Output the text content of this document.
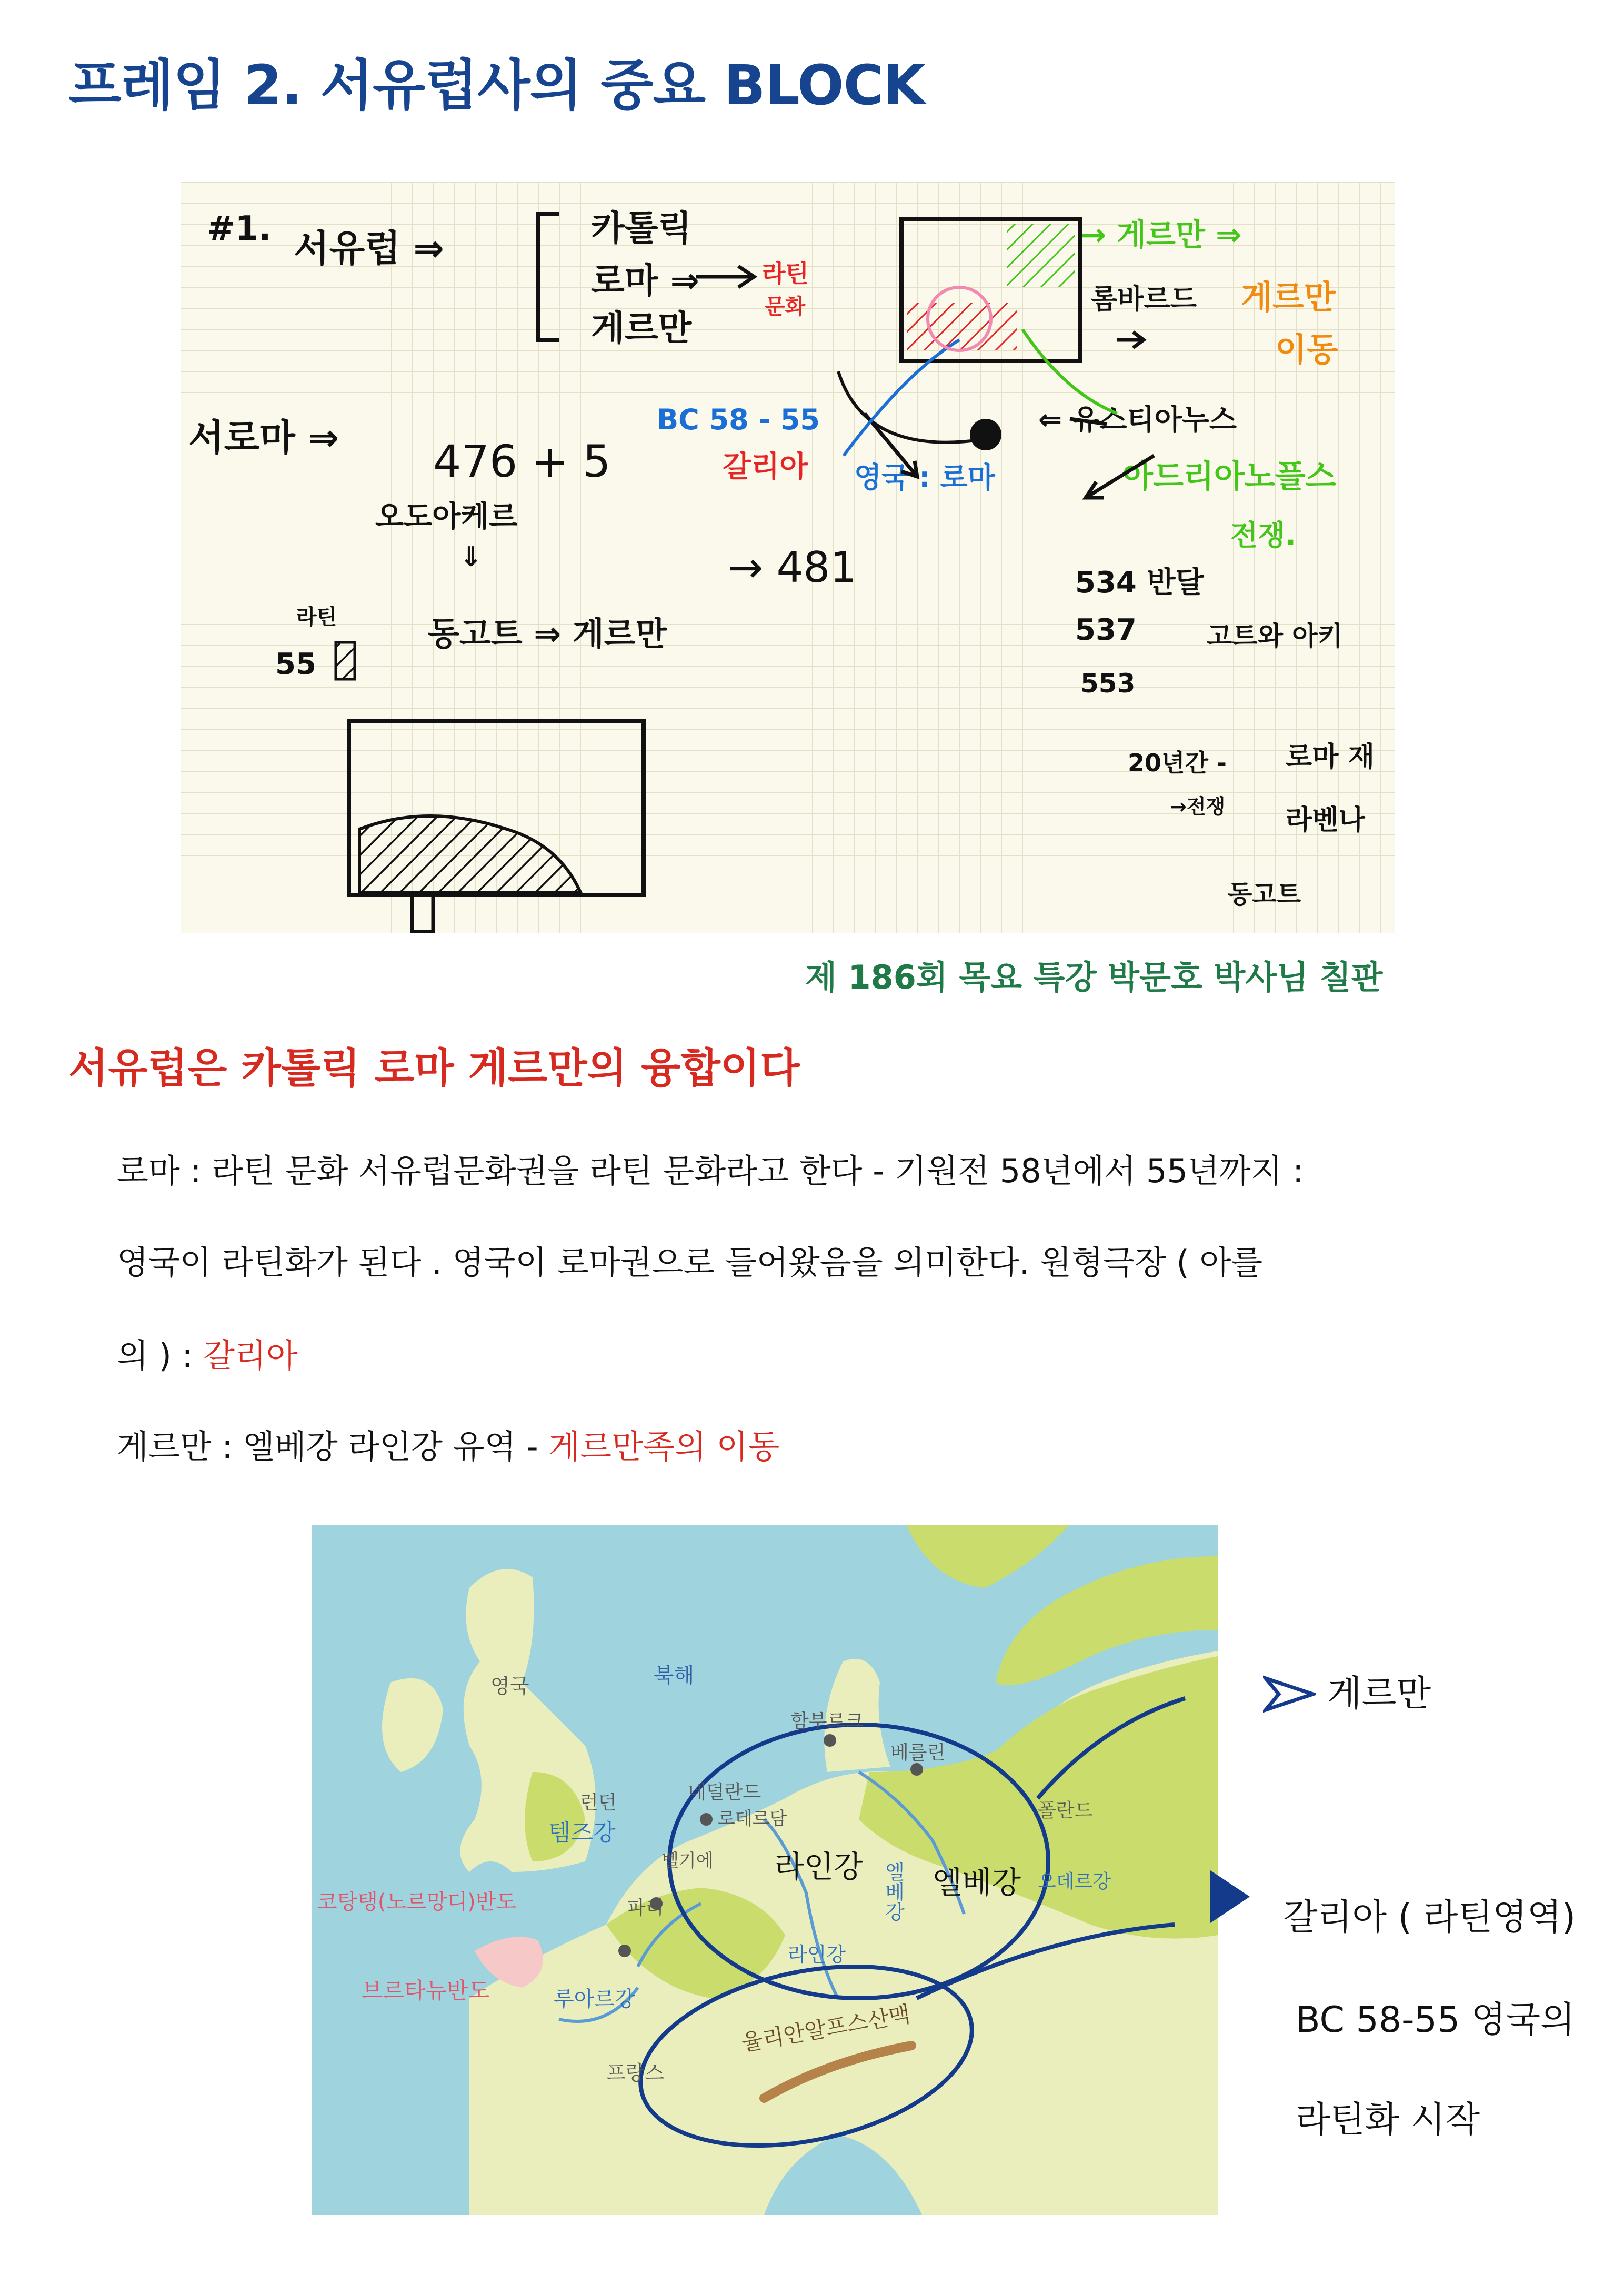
프레임 2. 서유럽사의 중요 BLOCK
#1. 서유럽 ⇒	카톨릭
로마 ⇒	라틴
문화
게르만
서로마 ⇒ 476 + 5
오도아케르
⇓
동고트 ⇒ 게르만
→ 481
라틴
55
BC 58 - 55
갈리아 영국 : 로마
→ 게르만 ⇒
롬바르드 게르만
이동
⇐ 유스티아누스
아드리아노플스
전쟁.
534 반달
537	고트와 아키
553
20년간 -
→전쟁
로마 재
라벤나
동고트
제 186회 목요 특강 박문호 박사님 칠판
서유럽은 카톨릭 로마 게르만의 융합이다
로마 : 라틴 문화 서유럽문화권을 라틴 문화라고 한다 - 기원전 58년에서 55년까지 :
영국이 라틴화가 된다 . 영국이 로마권으로 들어왔음을 의미한다. 원형극장 ( 아를
의 ) : 갈리아
게르만 : 엘베강 라인강 유역 - 게르만족의 이동
영국	북해
함부르크
베를린
런던
템즈강
네덜란드
로테르담	폴란드
벨기에 라인강 엘베강 엘베강 오데르강
코탕탱(노르망디)반도	파리
라인강
브르타뉴반도	루아르강
율리안알프스산맥
프랑스
게르만
갈리아 ( 라틴영역)
BC 58-55 영국의
라틴화 시작
